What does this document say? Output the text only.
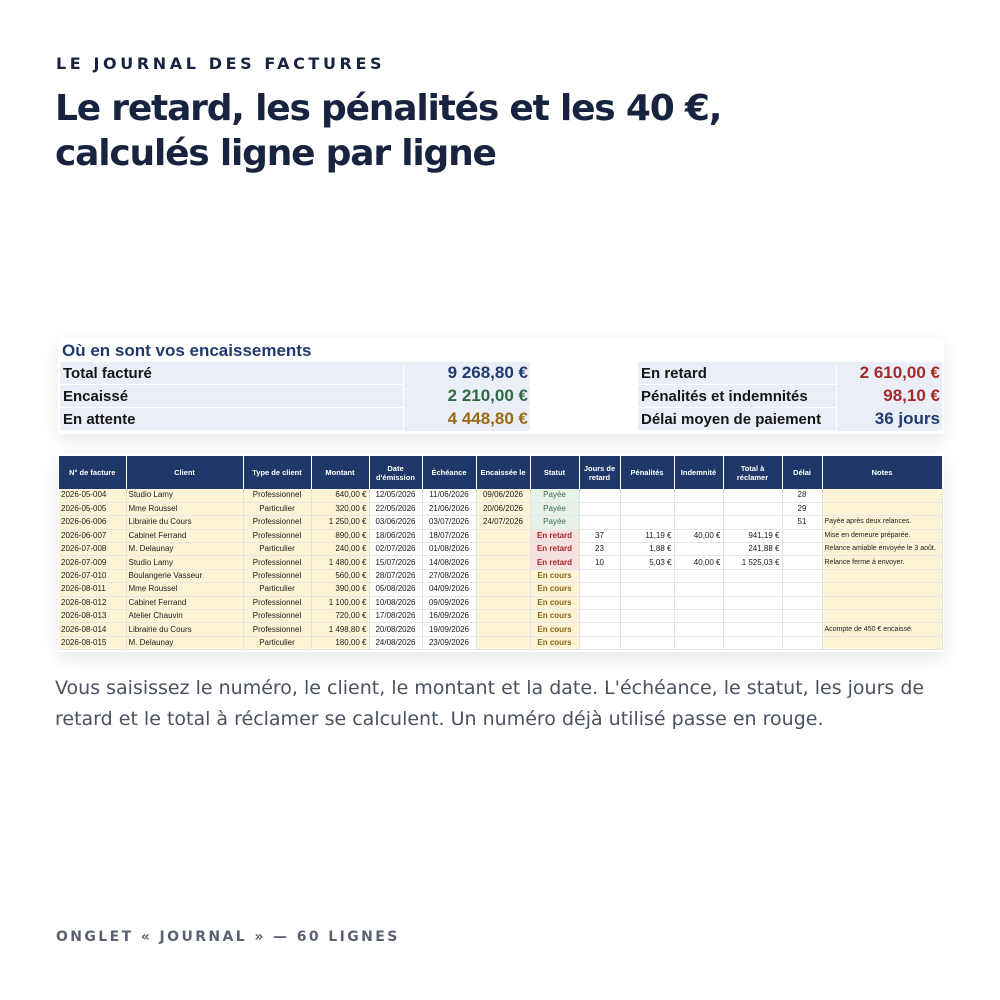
LE JOURNAL DES FACTURES
Le retard, les pénalités et les 40 €,
calculés ligne par ligne
Où en sont vos encaissements
Total facturé	9 268,80 €
Encaissé	2 210,00 €
En attente	4 448,80 €
En retard	2 610,00 €
Pénalités et indemnités	98,10 €
Délai moyen de paiement	36 jours
N° de facture	Client	Type de client	Montant	Date d'émission	Échéance	Encaissée le	Statut	Jours de retard	Pénalités	Indemnité	Total à réclamer	Délai	Notes
2026-05-004	Studio Lamy	Professionnel	640,00 €	12/05/2026	11/06/2026	09/06/2026	Payée					28	
2026-05-005	Mme Roussel	Particulier	320,00 €	22/05/2026	21/06/2026	20/06/2026	Payée					29	
2026-06-006	Librairie du Cours	Professionnel	1 250,00 €	03/06/2026	03/07/2026	24/07/2026	Payée					51	Payée après deux relances.
2026-06-007	Cabinet Ferrand	Professionnel	890,00 €	18/06/2026	18/07/2026		En retard	37	11,19 €	40,00 €	941,19 €		Mise en demeure préparée.
2026-07-008	M. Delaunay	Particulier	240,00 €	02/07/2026	01/08/2026		En retard	23	1,88 €		241,88 €		Relance amiable envoyée le 3 août.
2026-07-009	Studio Lamy	Professionnel	1 480,00 €	15/07/2026	14/08/2026		En retard	10	5,03 €	40,00 €	1 525,03 €		Relance ferme à envoyer.
2026-07-010	Boulangerie Vasseur	Professionnel	560,00 €	28/07/2026	27/08/2026		En cours						
2026-08-011	Mme Roussel	Particulier	390,00 €	05/08/2026	04/09/2026		En cours						
2026-08-012	Cabinet Ferrand	Professionnel	1 100,00 €	10/08/2026	09/09/2026		En cours						
2026-08-013	Atelier Chauvin	Professionnel	720,00 €	17/08/2026	16/09/2026		En cours						
2026-08-014	Librairie du Cours	Professionnel	1 498,80 €	20/08/2026	19/09/2026		En cours						Acompte de 450 € encaissé.
2026-08-015	M. Delaunay	Particulier	180,00 €	24/08/2026	23/09/2026		En cours						

Vous saisissez le numéro, le client, le montant et la date. L'échéance, le statut, les jours de retard et le total à réclamer se calculent. Un numéro déjà utilisé passe en rouge.

ONGLET « JOURNAL » — 60 LIGNES
